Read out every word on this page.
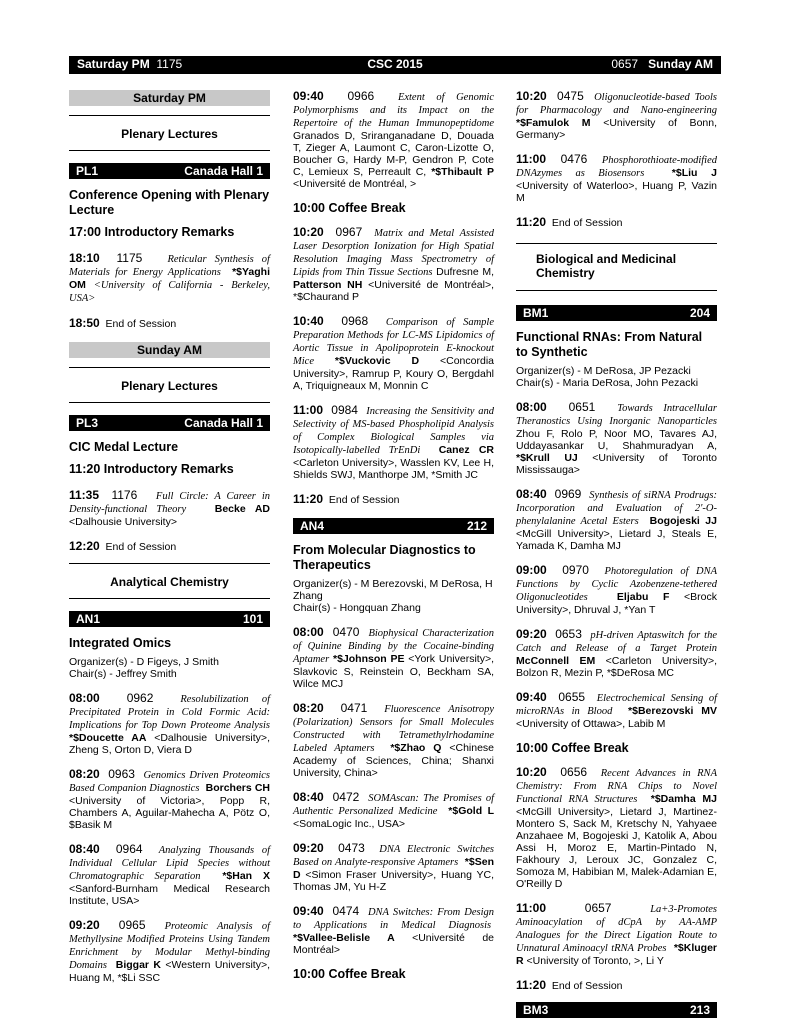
Saturday PM 1175	CSC 2015	0657 Sunday AM
Saturday PM
Plenary Lectures
PL1	Canada Hall 1
Conference Opening with Plenary Lecture
17:00 Introductory Remarks
18:10 1175 Reticular Synthesis of Materials for Energy Applications *$Yaghi OM <University of California - Berkeley, USA>
18:50 End of Session
Sunday AM
Plenary Lectures
PL3	Canada Hall 1
CIC Medal Lecture
11:20 Introductory Remarks
11:35 1176 Full Circle: A Career in Density-functional Theory	Becke AD <Dalhousie University>
12:20 End of Session
Analytical Chemistry
AN1	101
Integrated Omics
Organizer(s) - D Figeys, J Smith
Chair(s) - Jeffrey Smith
08:00 0962	Resolubilization of Precipitated Protein in Cold Formic Acid: Implications for Top Down Proteome Analysis *$Doucette AA <Dalhousie University>, Zheng S, Orton D, Viera D
08:20 0963 Genomics Driven Proteomics Based Companion Diagnostics Borchers CH <University of Victoria>, Popp R, Chambers A, Aguilar-Mahecha A, Pötz O, $Basik M
08:40 0964 Analyzing Thousands of Individual Cellular Lipid Species without Chromatographic Separation *$Han X <Sanford-Burnham Medical Research Institute, USA>
09:20 0965 Proteomic Analysis of Methyllysine Modified Proteins Using Tandem Enrichment by Modular Methyl-binding Domains Biggar K <Western University>, Huang M, *$Li SSC
09:40 0966 Extent of Genomic Polymorphisms and its Impact on the Repertoire of the Human Immunopeptidome Granados D, Sriranganadane D, Douada T, Zieger A, Laumont C, Caron-Lizotte O, Boucher G, Hardy M-P, Gendron P, Cote C, Lemieux S, Perreault C, *$Thibault P <Université de Montréal, >
10:00 Coffee Break
10:20 0967 Matrix and Metal Assisted Laser Desorption Ionization for High Spatial Resolution Imaging Mass Spectrometry of Lipids from Thin Tissue Sections Dufresne M, Patterson NH <Université de Montréal>, *$Chaurand P
10:40 0968 Comparison of Sample Preparation Methods for LC-MS Lipidomics of Aortic Tissue in Apolipoprotein E-knockout Mice *$Vuckovic D <Concordia University>, Ramrup P, Koury O, Bergdahl A, Triquigneaux M, Monnin C
11:00 0984 Increasing the Sensitivity and Selectivity of MS-based Phospholipid Analysis of Complex Biological Samples via Isotopically-labelled TrEnDi Canez CR <Carleton University>, Wasslen KV, Lee H, Shields SWJ, Manthorpe JM, *Smith JC
11:20 End of Session
AN4	212
From Molecular Diagnostics to Therapeutics
Organizer(s) - M Berezovski, M DeRosa, H Zhang
Chair(s) - Hongquan Zhang
08:00 0470 Biophysical Characterization of Quinine Binding by the Cocaine-binding Aptamer *$Johnson PE <York University>, Slavkovic S, Reinstein O, Beckham SA, Wilce MCJ
08:20 0471 Fluorescence Anisotropy (Polarization) Sensors for Small Molecules Constructed with Tetramethylrhodamine Labeled Aptamers *$Zhao Q <Chinese Academy of Sciences, China; Shanxi University, China>
08:40 0472 SOMAscan: The Promises of Authentic Personalized Medicine *$Gold L <SomaLogic Inc., USA>
09:20 0473 DNA Electronic Switches Based on Analyte-responsive Aptamers *$Sen D <Simon Fraser University>, Huang YC, Thomas JM, Yu H-Z
09:40 0474 DNA Switches: From Design to Applications in Medical Diagnosis  *$Vallee-Belisle A <Université de Montréal>
10:00 Coffee Break
10:20 0475 Oligonucleotide-based Tools for Pharmacology and Nano-engineering *$Famulok M <University of Bonn, Germany>
11:00 0476 Phosphorothioate-modified DNAzymes as Biosensors	*$Liu J <University of Waterloo>, Huang P, Vazin M
11:20 End of Session
Biological and Medicinal Chemistry
BM1	204
Functional RNAs: From Natural to Synthetic
Organizer(s) - M DeRosa, JP Pezacki
Chair(s) - Maria DeRosa, John Pezacki
08:00 0651 Towards Intracellular Theranostics Using Inorganic Nanoparticles Zhou F, Rolo P, Noor MO, Tavares AJ, Uddayasankar U, Shahmuradyan A, *$Krull UJ <University of Toronto Mississauga>
08:40 0969 Synthesis of siRNA Prodrugs: Incorporation and Evaluation of 2'-O-phenylalanine Acetal Esters Bogojeski JJ <McGill University>, Lietard J, Steals E, Yamada K, Damha MJ
09:00 0970 Photoregulation of DNA Functions by Cyclic Azobenzene-tethered Oligonucleotides	Eljabu F <Brock University>, Dhruval J, *Yan T
09:20 0653 pH-driven Aptaswitch for the Catch and Release of a Target Protein McConnell EM <Carleton University>, Bolzon R, Mezin P, *$DeRosa MC
09:40 0655 Electrochemical Sensing of microRNAs in Blood *$Berezovski MV <University of Ottawa>, Labib M
10:00 Coffee Break
10:20 0656 Recent Advances in RNA Chemistry: From RNA Chips to Novel Functional RNA Structures *$Damha MJ <McGill University>, Lietard J, Martinez-Montero S, Sack M, Kretschy N, Yahyaee Anzahaee M, Bogojeski J, Katolik A, Abou Assi H, Moroz E, Martin-Pintado N, Fakhoury J, Leroux JC, Gonzalez C, Somoza M, Habibian M, Malek-Adamian E, O'Reilly D
11:00	0657	La+3-Promotes Aminoacylation of dCpA by AA-AMP Analogues for the Direct Ligation Route to Unnatural Aminoacyl tRNA Probes *$Kluger R <University of Toronto, >, Li Y
11:20 End of Session
BM3	213
